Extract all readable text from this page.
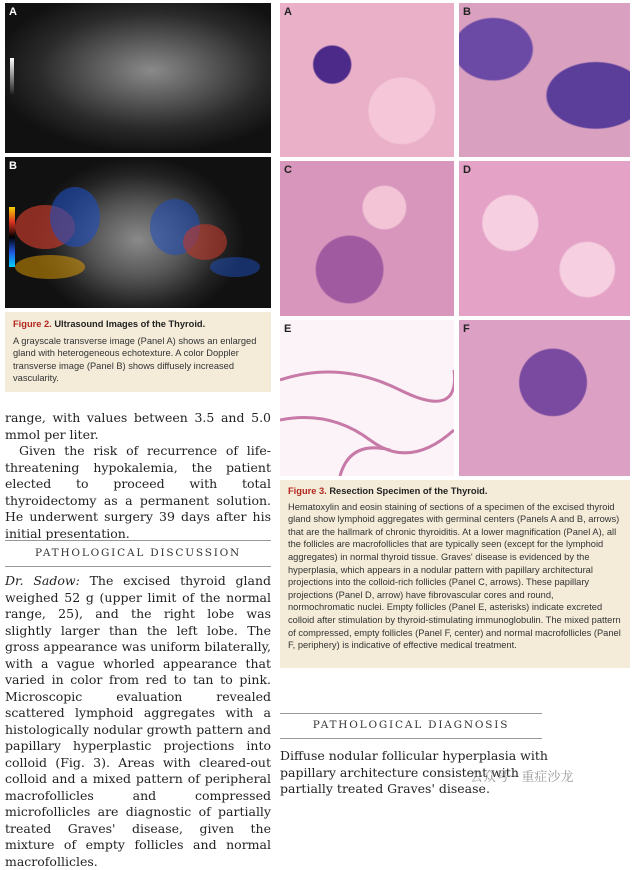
A
B
Figure 2. Ultrasound Images of the Thyroid.
A grayscale transverse image (Panel A) shows an enlarged gland with heterogeneous echotexture. A color Doppler transverse image (Panel B) shows diffusely increased vascularity.
A	B
C	D
E	F
Figure 3. Resection Specimen of the Thyroid.
Hematoxylin and eosin staining of sections of a specimen of the excised thyroid gland show lymphoid aggregates with germinal centers (Panels A and B, arrows) that are the hallmark of chronic thyroiditis. At a lower magnification (Panel A), all the follicles are macrofollicles that are typically seen (except for the lymphoid aggregates) in normal thyroid tissue. Graves' disease is evidenced by the hyperplasia, which appears in a nodular pattern with papillary architectural projections into the colloid-rich follicles (Panel C, arrows). These papillary projections (Panel D, arrow) have fibrovascular cores and round, normochromatic nuclei. Empty follicles (Panel E, asterisks) indicate excreted colloid after stimulation by thyroid-stimulating immunoglobulin. The mixed pattern of compressed, empty follicles (Panel F, center) and normal macrofollicles (Panel F, periphery) is indicative of effective medical treatment.
range, with values between 3.5 and 5.0 mmol per liter.
Given the risk of recurrence of life-threatening hypokalemia, the patient elected to proceed with total thyroidectomy as a permanent solution. He underwent surgery 39 days after his initial presentation.
PATHOLOGICAL DISCUSSION
Dr. Sadow: The excised thyroid gland weighed 52 g (upper limit of the normal range, 25), and the right lobe was slightly larger than the left lobe. The gross appearance was uniform bilaterally, with a vague whorled appearance that varied in color from red to tan to pink. Microscopic evaluation revealed scattered lymphoid aggregates with a histologically nodular growth pattern and papillary hyperplastic projections into colloid (Fig. 3). Areas with cleared-out colloid and a mixed pattern of peripheral macrofollicles and compressed microfollicles are diagnostic of partially treated Graves' disease, given the mixture of empty follicles and normal macrofollicles.
PATHOLOGICAL DIAGNOSIS
Diffuse nodular follicular hyperplasia with papillary architecture consistent with partially treated Graves' disease.
公众号 · 重症沙龙
